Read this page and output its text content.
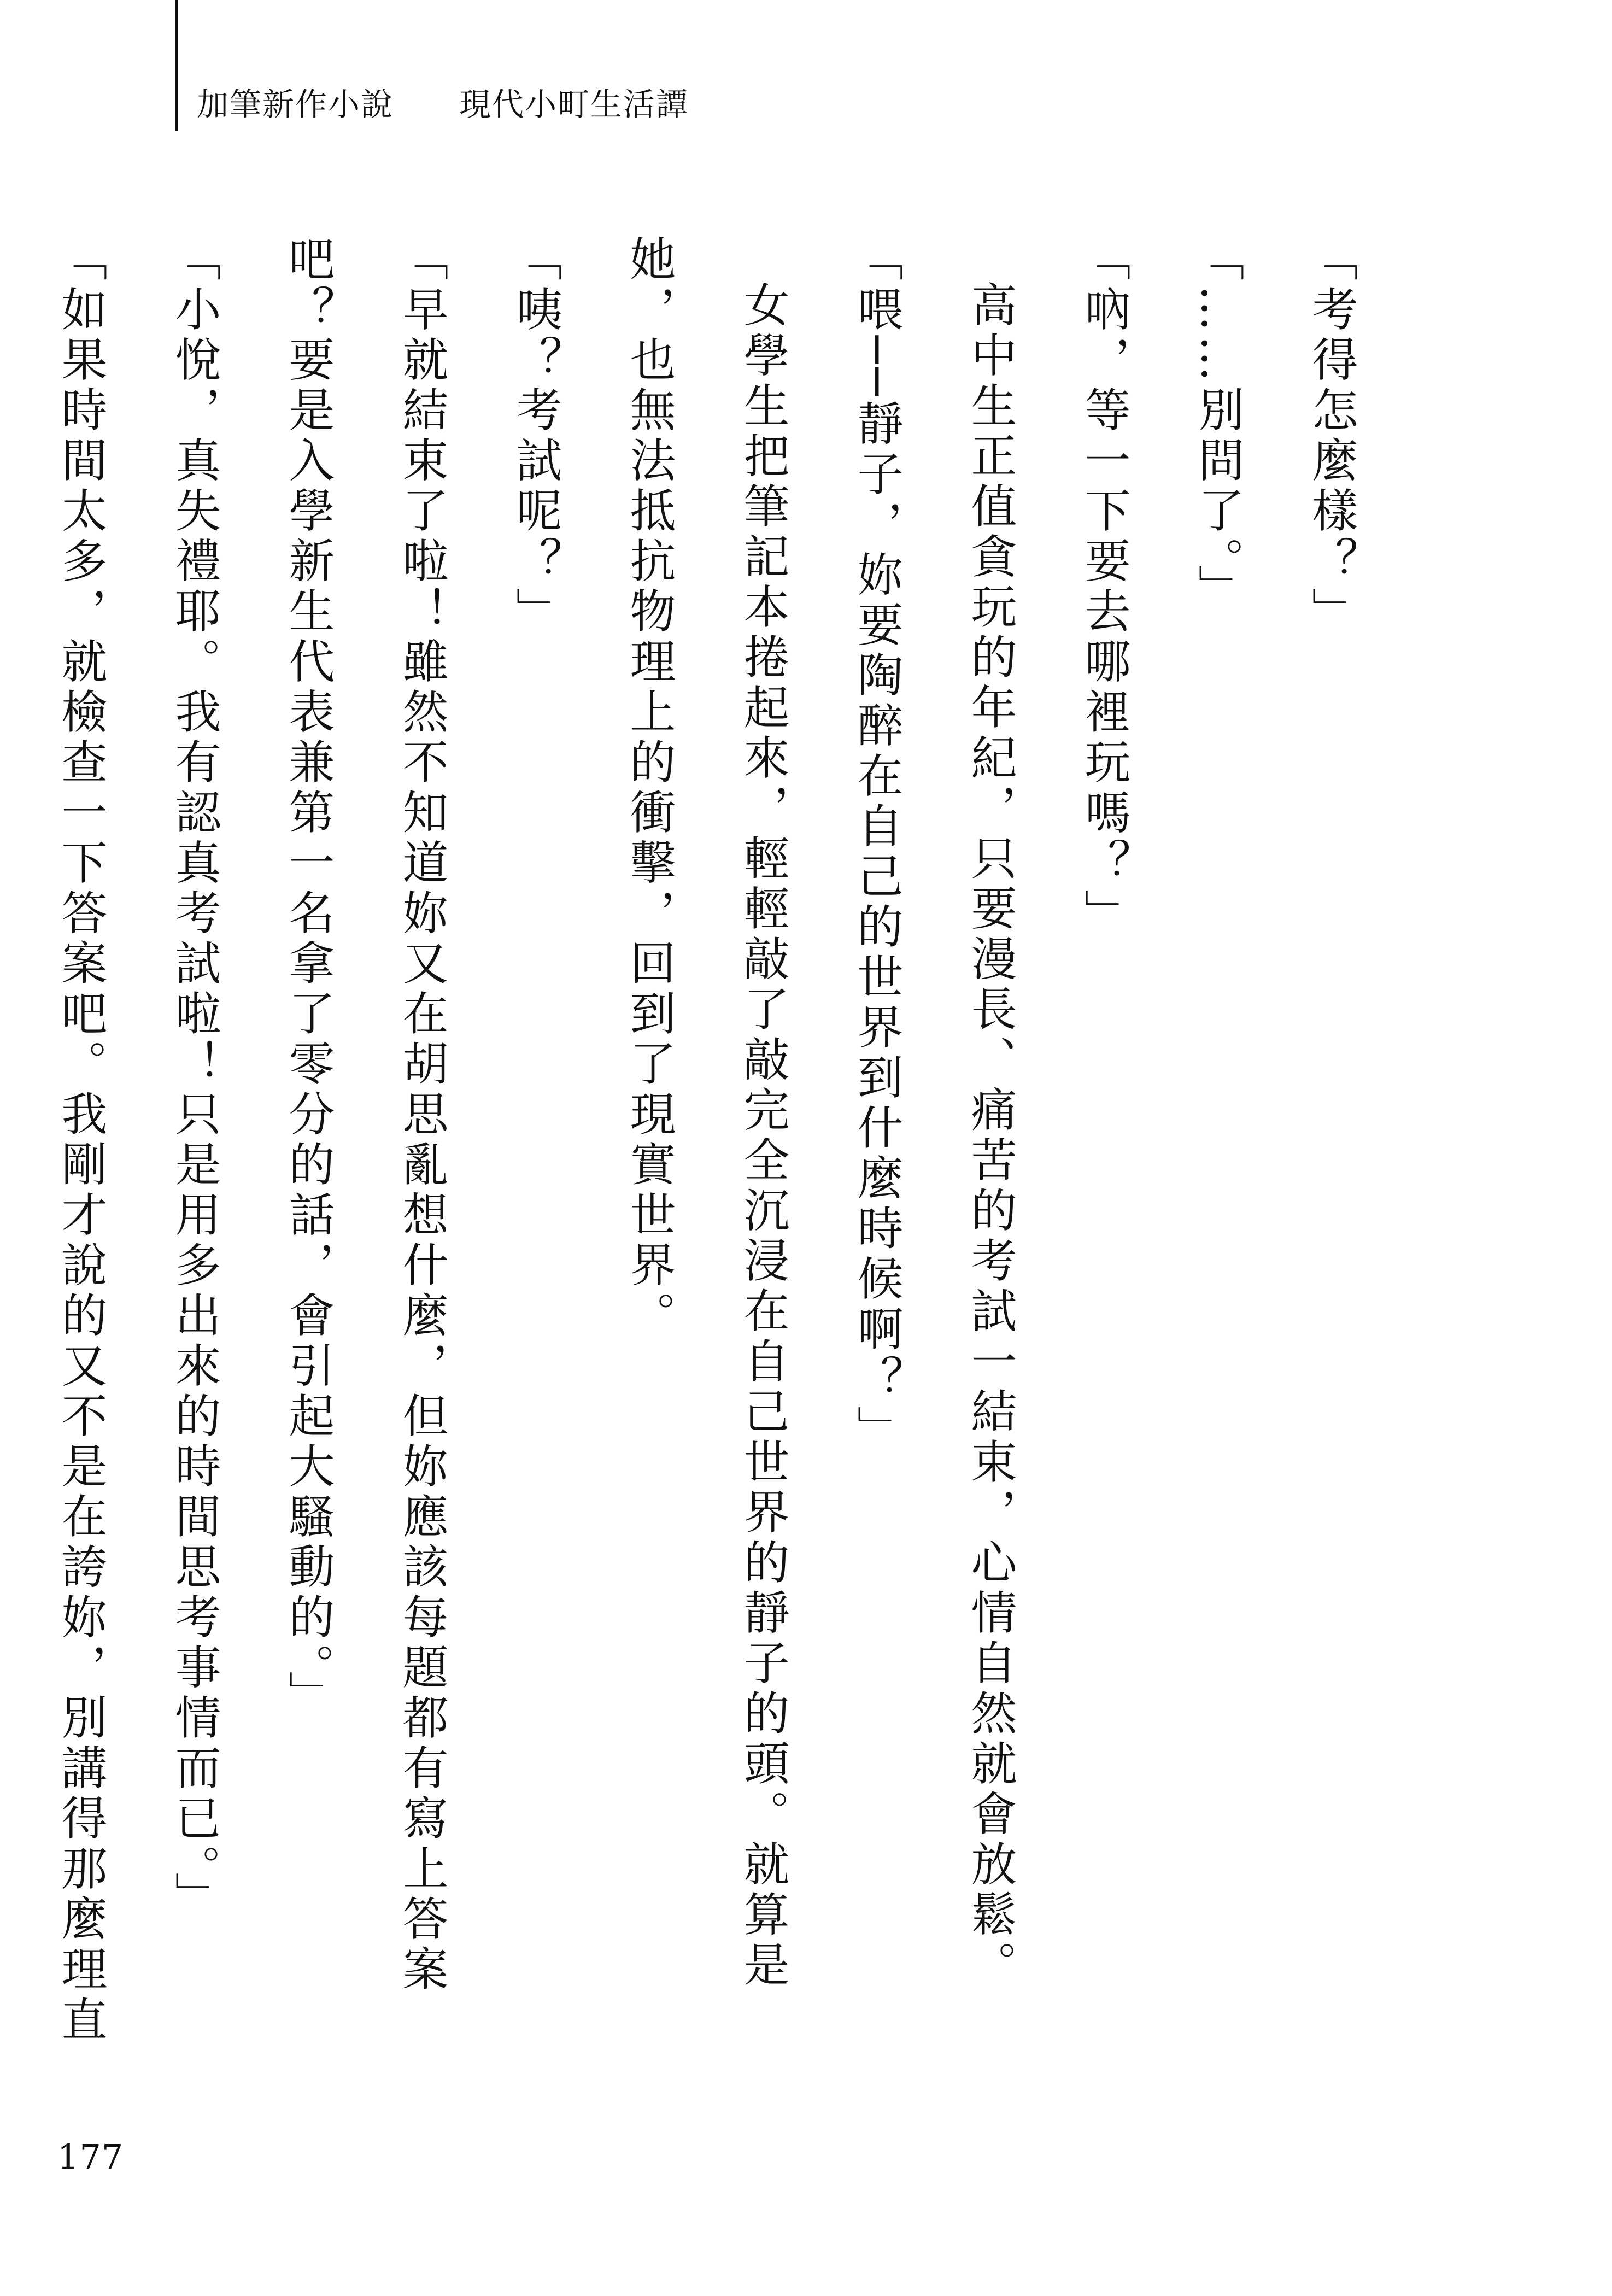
加筆新作小說 現代小町生活譚

「考得怎麼樣？」

「……別問了。」

「吶，等一下要去哪裡玩嗎？」

高中生正值貪玩的年紀，只要漫長、痛苦的考試一結束，心情自然就會放鬆。

「喂──靜子，妳要陶醉在自己的世界到什麼時候啊？」

女學生把筆記本捲起來，輕輕敲了敲完全沉浸在自己世界的靜子的頭。就算是她，也無法抵抗物理上的衝擊，回到了現實世界。

「咦？考試呢？」

「早就結束了啦！雖然不知道妳又在胡思亂想什麼，但妳應該每題都有寫上答案吧？要是入學新生代表兼第一名拿了零分的話，會引起大騷動的。」

「小悅，真失禮耶。我有認真考試啦！只是用多出來的時間思考事情而已。」

「如果時間太多，就檢查一下答案吧。我剛才說的又不是在誇妳，別講得那麼理直

177
